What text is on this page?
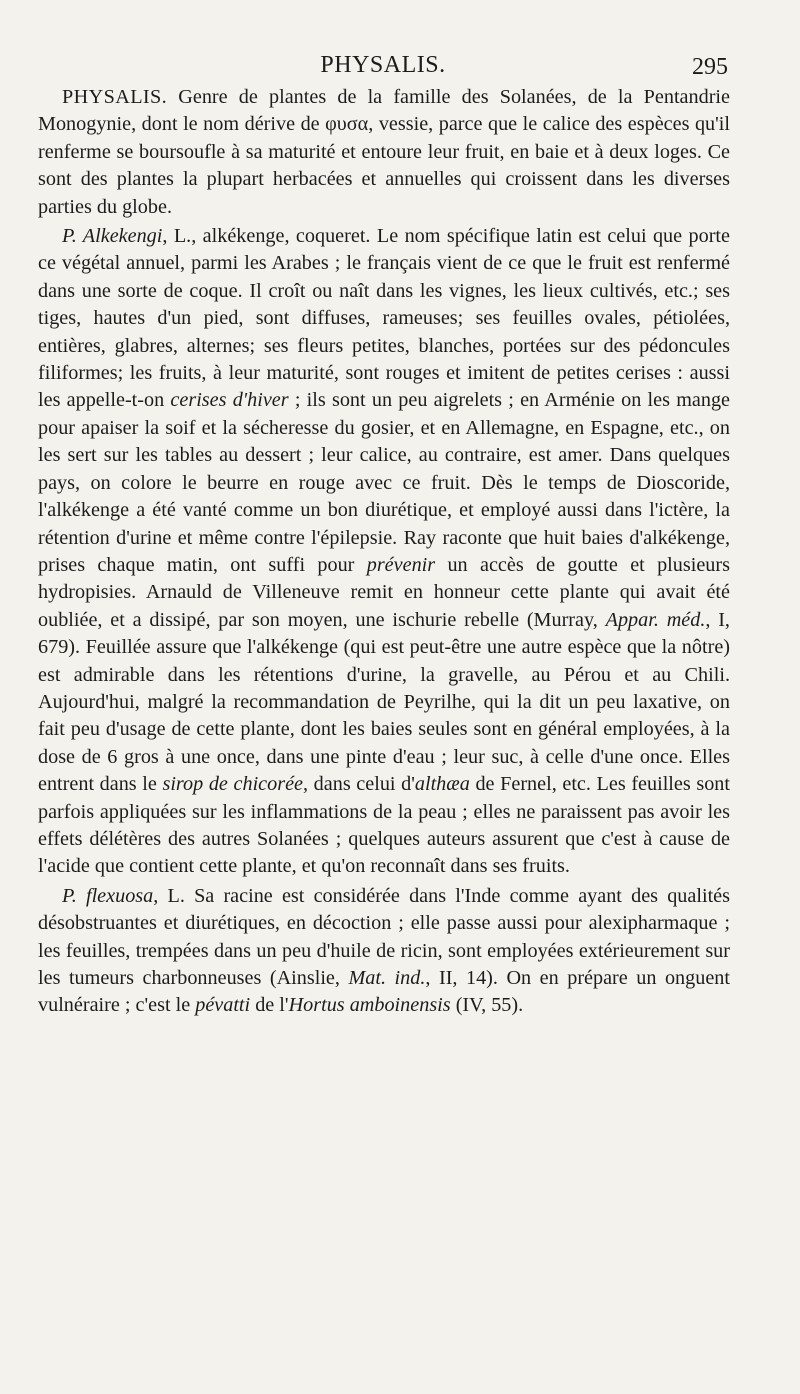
PHYSALIS.	295

PHYSALIS. Genre de plantes de la famille des Solanées, de la Pentandrie Monogynie, dont le nom dérive de φυσα, vessie, parce que le calice des espèces qu'il renferme se boursoufle à sa maturité et entoure leur fruit, en baie et à deux loges. Ce sont des plantes la plupart herbacées et annuelles qui croissent dans les diverses parties du globe.

P. Alkekengi, L., alkékenge, coqueret. Le nom spécifique latin est celui que porte ce végétal annuel, parmi les Arabes ; le français vient de ce que le fruit est renfermé dans une sorte de coque. Il croît ou naît dans les vignes, les lieux cultivés, etc.; ses tiges, hautes d'un pied, sont diffuses, rameuses; ses feuilles ovales, pétiolées, entières, glabres, alternes; ses fleurs petites, blanches, portées sur des pédoncules filiformes; les fruits, à leur maturité, sont rouges et imitent de petites cerises : aussi les appelle-t-on cerises d'hiver ; ils sont un peu aigrelets ; en Arménie on les mange pour apaiser la soif et la sécheresse du gosier, et en Allemagne, en Espagne, etc., on les sert sur les tables au dessert ; leur calice, au contraire, est amer. Dans quelques pays, on colore le beurre en rouge avec ce fruit. Dès le temps de Dioscoride, l'alkékenge a été vanté comme un bon diurétique, et employé aussi dans l'ictère, la rétention d'urine et même contre l'épilepsie. Ray raconte que huit baies d'alkékenge, prises chaque matin, ont suffi pour prévenir un accès de goutte et plusieurs hydropisies. Arnauld de Villeneuve remit en honneur cette plante qui avait été oubliée, et a dissipé, par son moyen, une ischurie rebelle (Murray, Appar. méd., I, 679). Feuillée assure que l'alkékenge (qui est peut-être une autre espèce que la nôtre) est admirable dans les rétentions d'urine, la gravelle, au Pérou et au Chili. Aujourd'hui, malgré la recommandation de Peyrilhe, qui la dit un peu laxative, on fait peu d'usage de cette plante, dont les baies seules sont en général employées, à la dose de 6 gros à une once, dans une pinte d'eau ; leur suc, à celle d'une once. Elles entrent dans le sirop de chicorée, dans celui d'althæa de Fernel, etc. Les feuilles sont parfois appliquées sur les inflammations de la peau ; elles ne paraissent pas avoir les effets délétères des autres Solanées ; quelques auteurs assurent que c'est à cause de l'acide que contient cette plante, et qu'on reconnaît dans ses fruits.

P. flexuosa, L. Sa racine est considérée dans l'Inde comme ayant des qualités désobstruantes et diurétiques, en décoction ; elle passe aussi pour alexipharmaque ; les feuilles, trempées dans un peu d'huile de ricin, sont employées extérieurement sur les tumeurs charbonneuses (Ainslie, Mat. ind., II, 14). On en prépare un onguent vulnéraire ; c'est le pévatti de l'Hortus amboinensis (IV, 55).
